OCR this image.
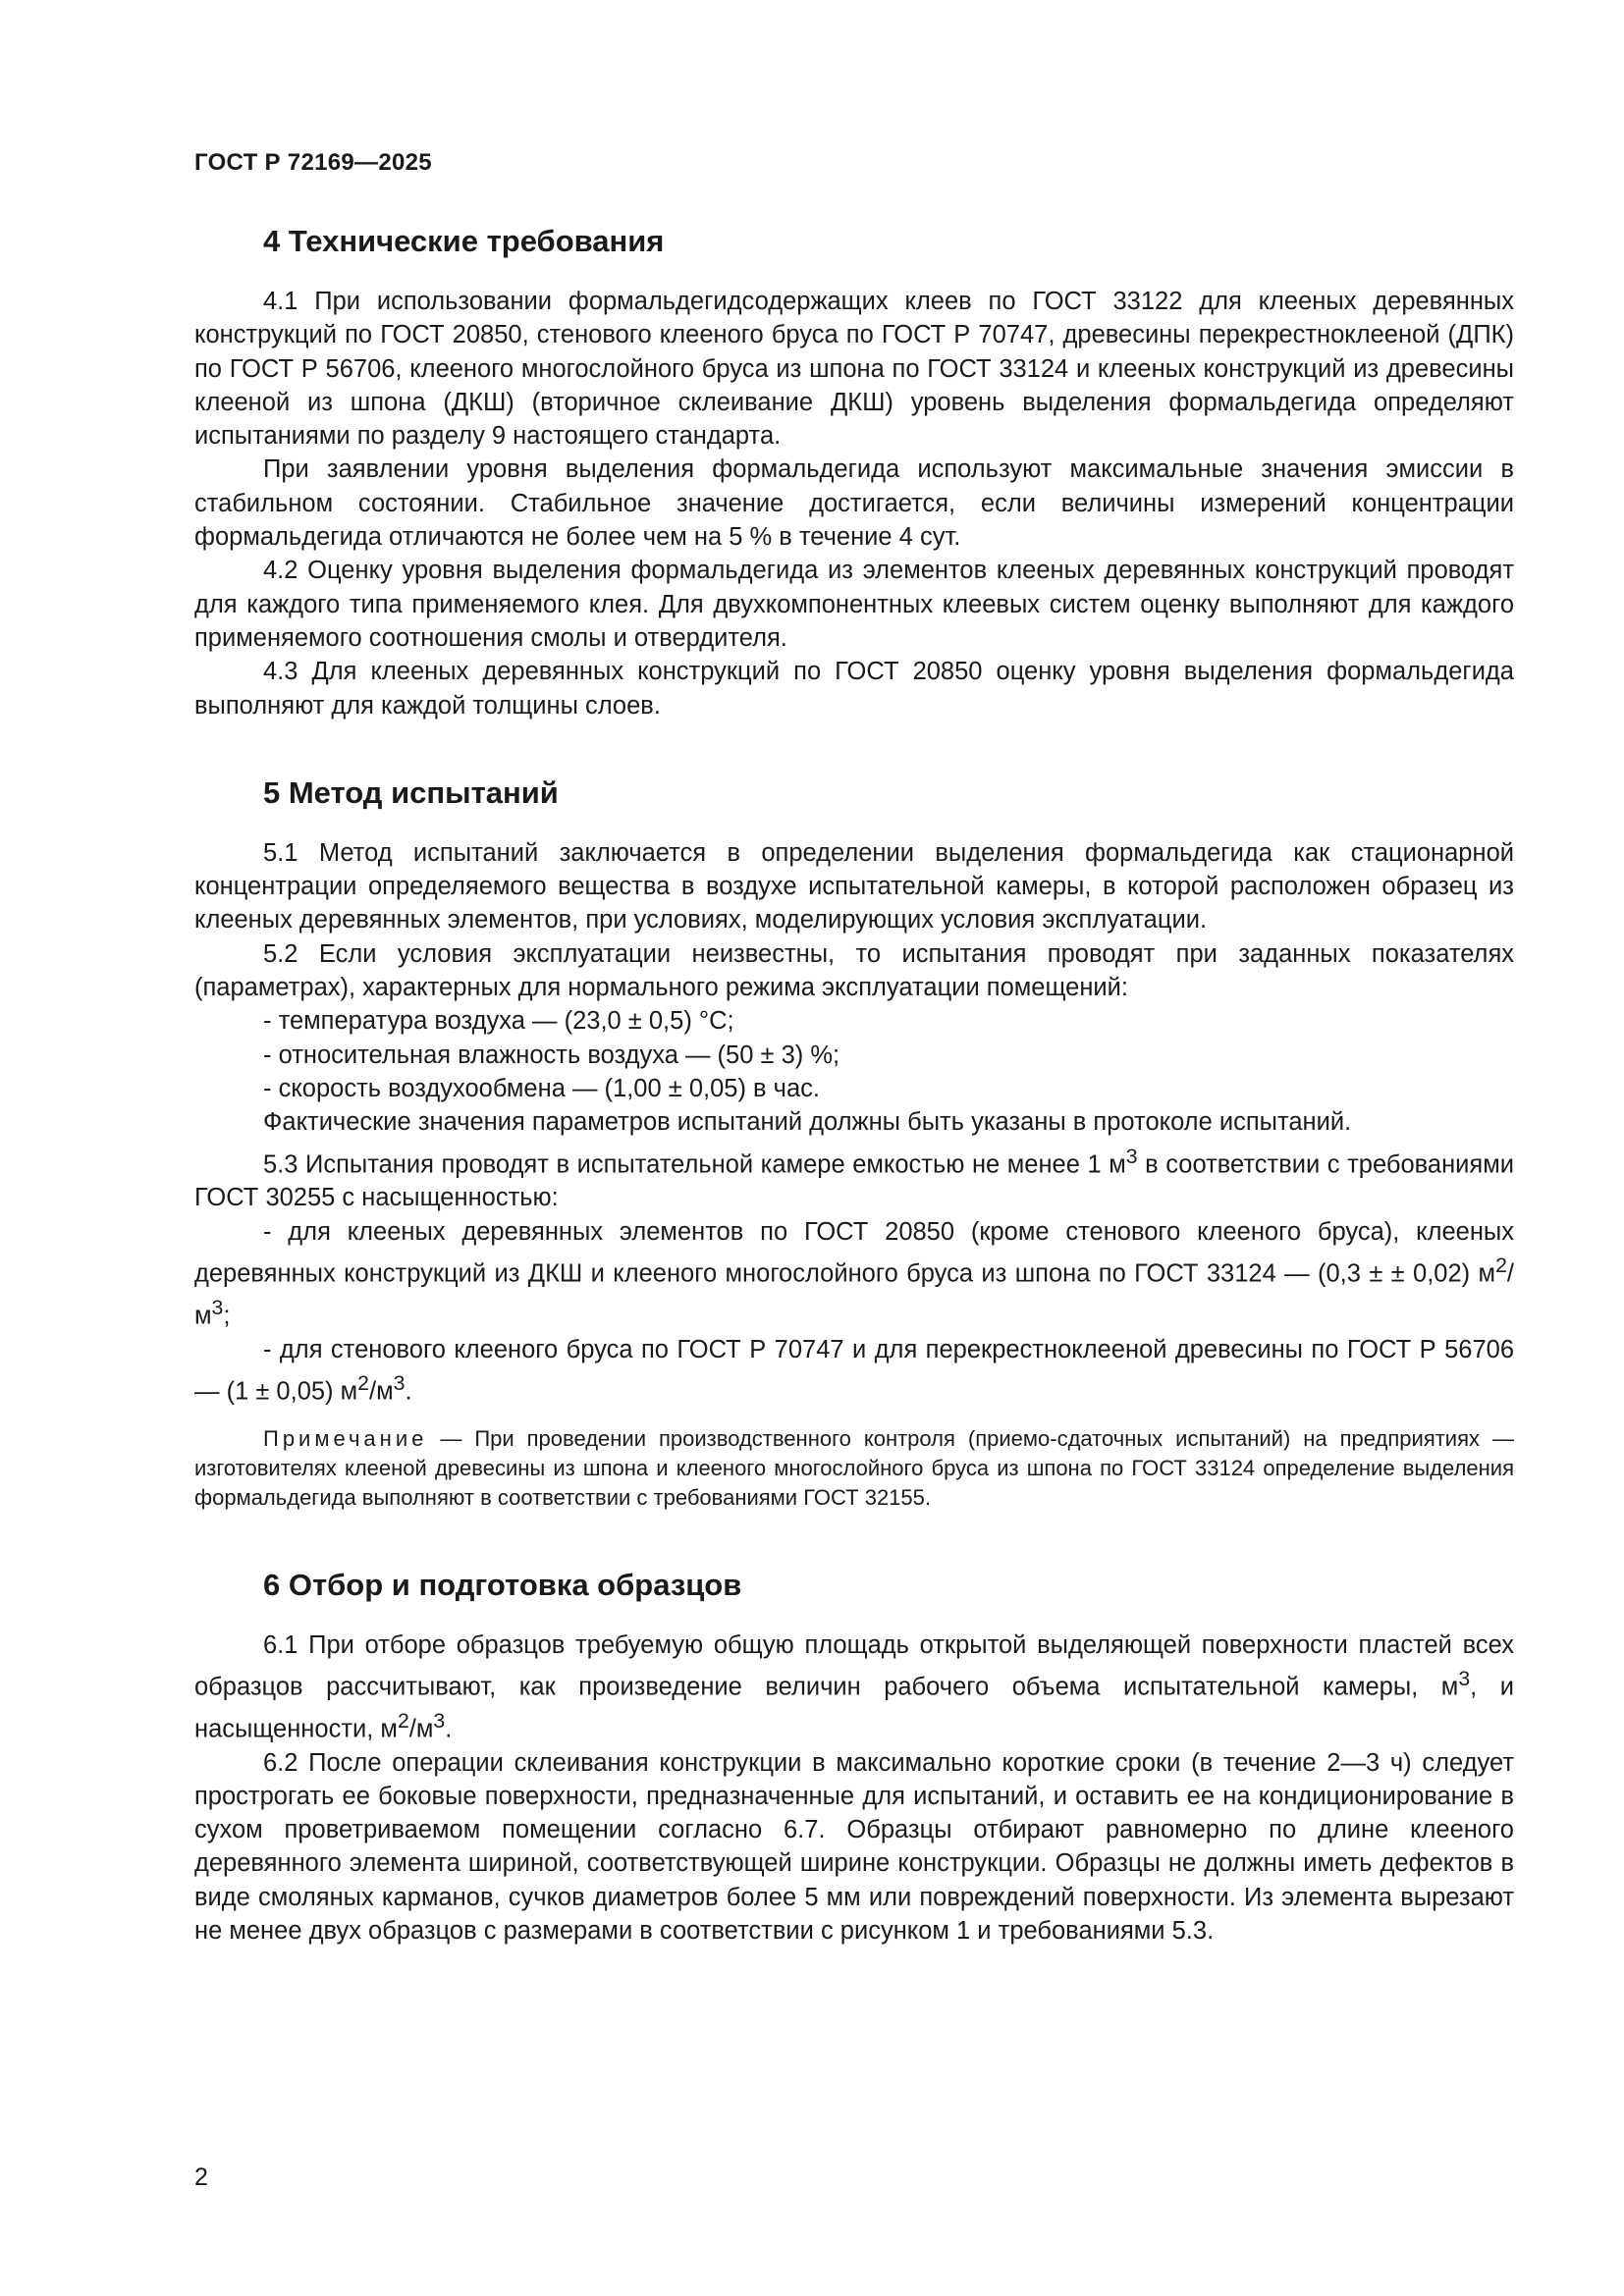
ГОСТ Р 72169—2025
4 Технические требования

4.1 При использовании формальдегидсодержащих клеев по ГОСТ 33122 для клееных деревянных конструкций по ГОСТ 20850, стенового клееного бруса по ГОСТ Р 70747, древесины перекрестноклееной (ДПК) по ГОСТ Р 56706, клееного многослойного бруса из шпона по ГОСТ 33124 и клееных конструкций из древесины клееной из шпона (ДКШ) (вторичное склеивание ДКШ) уровень выделения формальдегида определяют испытаниями по разделу 9 настоящего стандарта.

При заявлении уровня выделения формальдегида используют максимальные значения эмиссии в стабильном состоянии. Стабильное значение достигается, если величины измерений концентрации формальдегида отличаются не более чем на 5 % в течение 4 сут.

4.2 Оценку уровня выделения формальдегида из элементов клееных деревянных конструкций проводят для каждого типа применяемого клея. Для двухкомпонентных клеевых систем оценку выполняют для каждого применяемого соотношения смолы и отвердителя.

4.3 Для клееных деревянных конструкций по ГОСТ 20850 оценку уровня выделения формальдегида выполняют для каждой толщины слоев.

5 Метод испытаний

5.1 Метод испытаний заключается в определении выделения формальдегида как стационарной концентрации определяемого вещества в воздухе испытательной камеры, в которой расположен образец из клееных деревянных элементов, при условиях, моделирующих условия эксплуатации.

5.2 Если условия эксплуатации неизвестны, то испытания проводят при заданных показателях (параметрах), характерных для нормального режима эксплуатации помещений:

- температура воздуха — (23,0 ± 0,5) °С;

- относительная влажность воздуха — (50 ± 3) %;

- скорость воздухообмена — (1,00 ± 0,05) в час.

Фактические значения параметров испытаний должны быть указаны в протоколе испытаний.

5.3 Испытания проводят в испытательной камере емкостью не менее 1 $м^3$ в соответствии с требованиями ГОСТ 30255 с насыщенностью:

- для клееных деревянных элементов по ГОСТ 20850 (кроме стенового клееного бруса), клееных деревянных конструкций из ДКШ и клееного многослойного бруса из шпона по ГОСТ 33124 — (0,3 ± ± 0,02) $м^2/м^3$;

- для стенового клееного бруса по ГОСТ Р 70747 и для перекрестноклееной древесины по ГОСТ Р 56706 — (1 ± 0,05) $м^2/м^3$.

Примечание — При проведении производственного контроля (приемо-сдаточных испытаний) на предприятиях — изготовителях клееной древесины из шпона и клееного многослойного бруса из шпона по ГОСТ 33124 определение выделения формальдегида выполняют в соответствии с требованиями ГОСТ 32155.

6 Отбор и подготовка образцов

6.1 При отборе образцов требуемую общую площадь открытой выделяющей поверхности пластей всех образцов рассчитывают, как произведение величин рабочего объема испытательной камеры, $м^3$, и насыщенности, $м^2/м^3$.

6.2 После операции склеивания конструкции в максимально короткие сроки (в течение 2—3 ч) следует прострогать ее боковые поверхности, предназначенные для испытаний, и оставить ее на кондиционирование в сухом проветриваемом помещении согласно 6.7. Образцы отбирают равномерно по длине клееного деревянного элемента шириной, соответствующей ширине конструкции. Образцы не должны иметь дефектов в виде смоляных карманов, сучков диаметров более 5 мм или повреждений поверхности. Из элемента вырезают не менее двух образцов с размерами в соответствии с рисунком 1 и требованиями 5.3.

2
